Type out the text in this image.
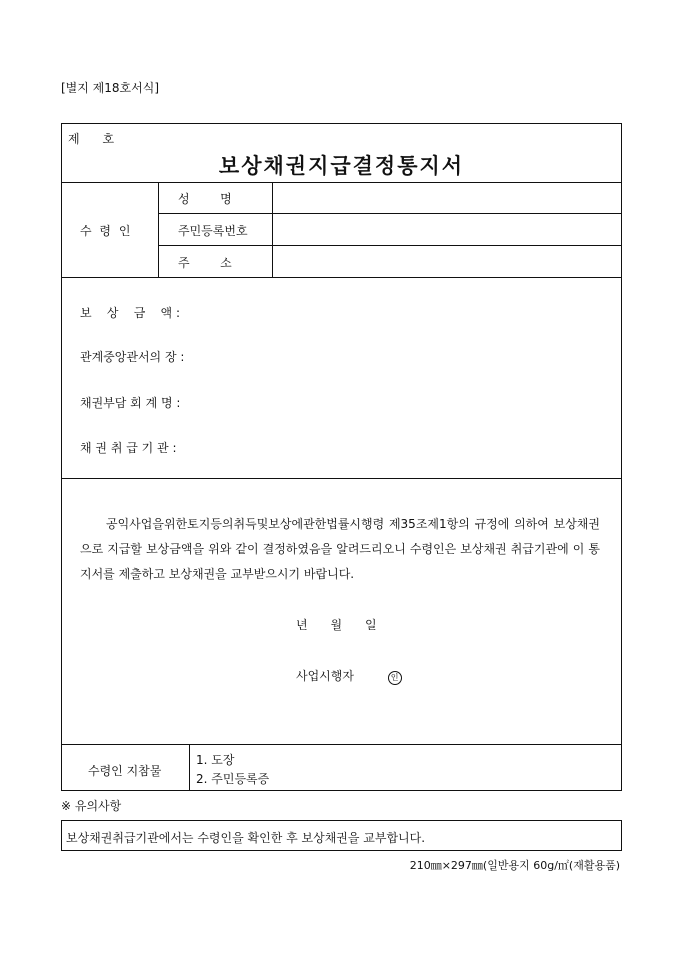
[별지 제18호서식]
제      호
보상채권지급결정통지서
수 령 인
성        명
주민등록번호
주        소
보    상    금    액 :
관계중앙관서의 장 :
채권부담 회 계 명 :
채 권 취 급 기 관 :
공익사업을위한토지등의취득및보상에관한법률시행령 제35조제1항의 규정에 의하여 보상채권으로 지급할 보상금액을 위와 같이 결정하였음을 알려드리오니 수령인은 보상채권 취급기관에 이 통지서를 제출하고 보상채권을 교부받으시기 바랍니다.
년      월      일
사업시행자	인
수령인 지참물
1. 도장
2. 주민등록증
※ 유의사항
보상채권취급기관에서는 수령인을 확인한 후 보상채권을 교부합니다.
210㎜×297㎜(일반용지 60g/㎡(재활용품)
